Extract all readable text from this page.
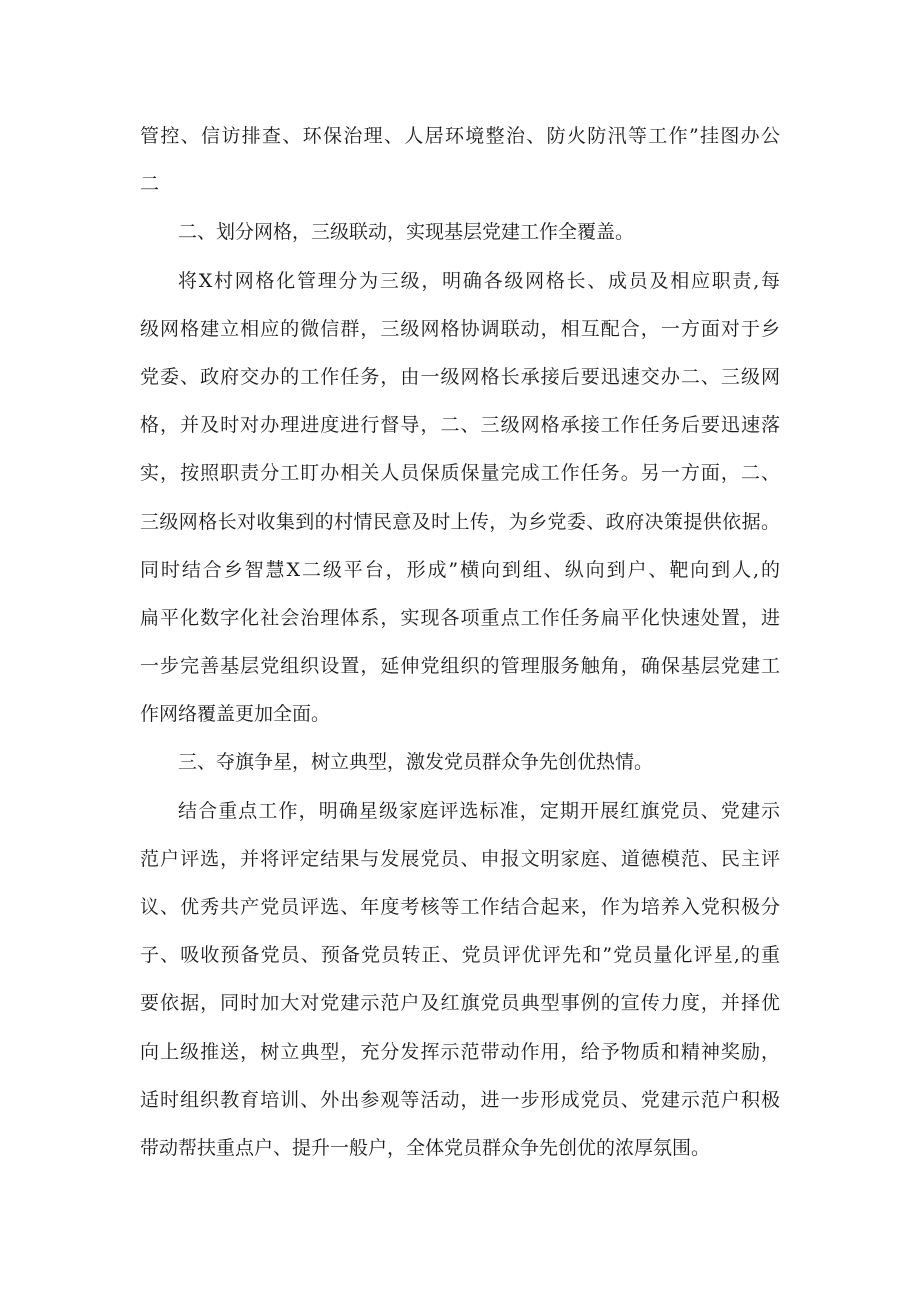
管控、信访排查、环保治理、人居环境整治、防火防汛等工作”挂图办公
二
二、划分网格，三级联动，实现基层党建工作全覆盖。
将X村网格化管理分为三级，明确各级网格长、成员及相应职责,每
级网格建立相应的微信群，三级网格协调联动，相互配合，一方面对于乡
党委、政府交办的工作任务，由一级网格长承接后要迅速交办二、三级网
格，并及时对办理进度进行督导，二、三级网格承接工作任务后要迅速落
实，按照职责分工盯办相关人员保质保量完成工作任务。另一方面，二、
三级网格长对收集到的村情民意及时上传，为乡党委、政府决策提供依据。
同时结合乡智慧X二级平台，形成”横向到组、纵向到户、靶向到人,的
扁平化数字化社会治理体系，实现各项重点工作任务扁平化快速处置，进
一步完善基层党组织设置，延伸党组织的管理服务触角，确保基层党建工
作网络覆盖更加全面。
三、夺旗争星，树立典型，激发党员群众争先创优热情。
结合重点工作，明确星级家庭评选标准，定期开展红旗党员、党建示
范户评选，并将评定结果与发展党员、申报文明家庭、道德模范、民主评
议、优秀共产党员评选、年度考核等工作结合起来，作为培养入党积极分
子、吸收预备党员、预备党员转正、党员评优评先和”党员量化评星,的重
要依据，同时加大对党建示范户及红旗党员典型事例的宣传力度，并择优
向上级推送，树立典型，充分发挥示范带动作用，给予物质和精神奖励，
适时组织教育培训、外出参观等活动，进一步形成党员、党建示范户积极
带动帮扶重点户、提升一般户，全体党员群众争先创优的浓厚氛围。
